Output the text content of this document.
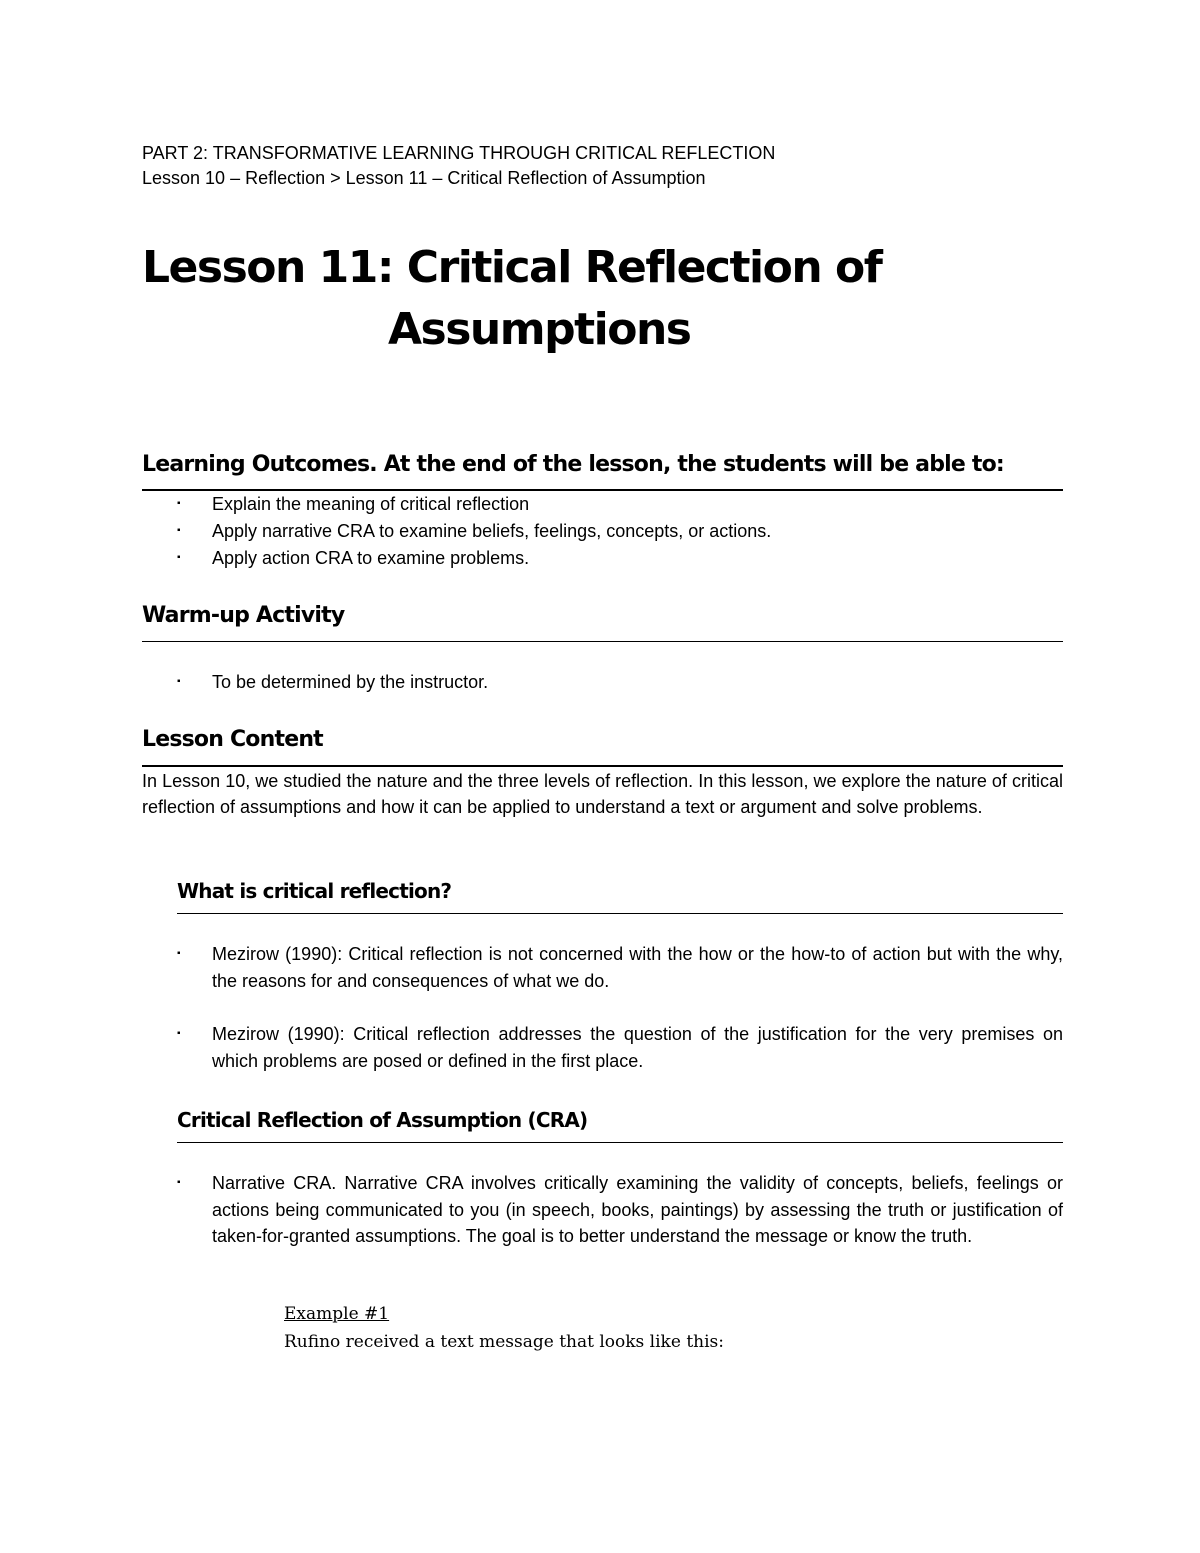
PART 2: TRANSFORMATIVE LEARNING THROUGH CRITICAL REFLECTION
Lesson 10 – Reflection > Lesson 11 – Critical Reflection of Assumption
Lesson 11: Critical Reflection of
Assumptions
Learning Outcomes. At the end of the lesson, the students will be able to:
▪ Explain the meaning of critical reflection
▪ Apply narrative CRA to examine beliefs, feelings, concepts, or actions.
▪ Apply action CRA to examine problems.
Warm-up Activity
▪ To be determined by the instructor.
Lesson Content
In Lesson 10, we studied the nature and the three levels of reflection. In this lesson, we explore the nature of critical reflection of assumptions and how it can be applied to understand a text or argument and solve problems.
What is critical reflection?
▪ Mezirow (1990): Critical reflection is not concerned with the how or the how-to of action but with the why, the reasons for and consequences of what we do.
▪ Mezirow (1990): Critical reflection addresses the question of the justification for the very premises on which problems are posed or defined in the first place.
Critical Reflection of Assumption (CRA)
▪ Narrative CRA. Narrative CRA involves critically examining the validity of concepts, beliefs, feelings or actions being communicated to you (in speech, books, paintings) by assessing the truth or justification of taken-for-granted assumptions. The goal is to better understand the message or know the truth.
Example #1
Rufino received a text message that looks like this:
